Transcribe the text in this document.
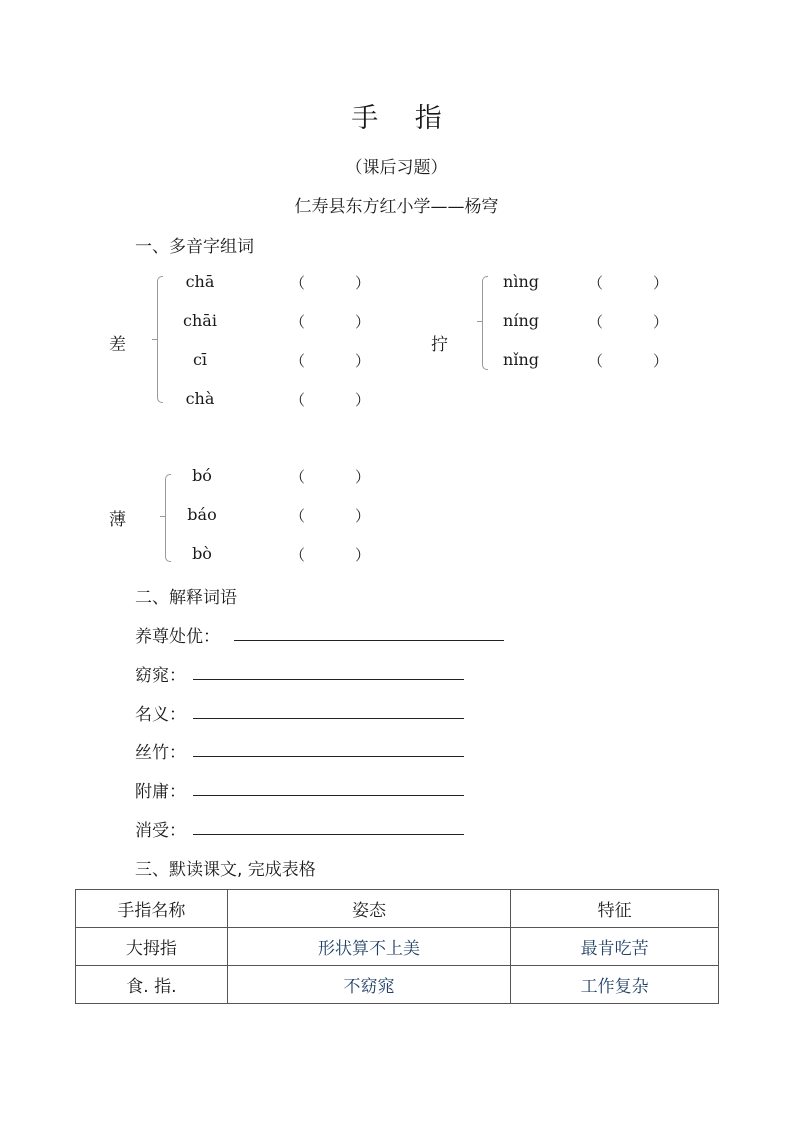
手 指
（课后习题）
仁寿县东方红小学——杨穹
一、多音字组词
差
chā	（	）
chāi	（	）
cī	（	）
chà	（	）
拧
nìng	（	）
níng	（	）
nǐng	（	）
薄
bó	（	）
báo	（	）
bò	（	）
二、解释词语
养尊处优：
窈窕：
名义：
丝竹：
附庸：
消受：
三、默读课文, 完成表格
手指名称	姿态	特征
大拇指	形状算不上美	最肯吃苦
食. 指.	不窈窕	工作复杂
